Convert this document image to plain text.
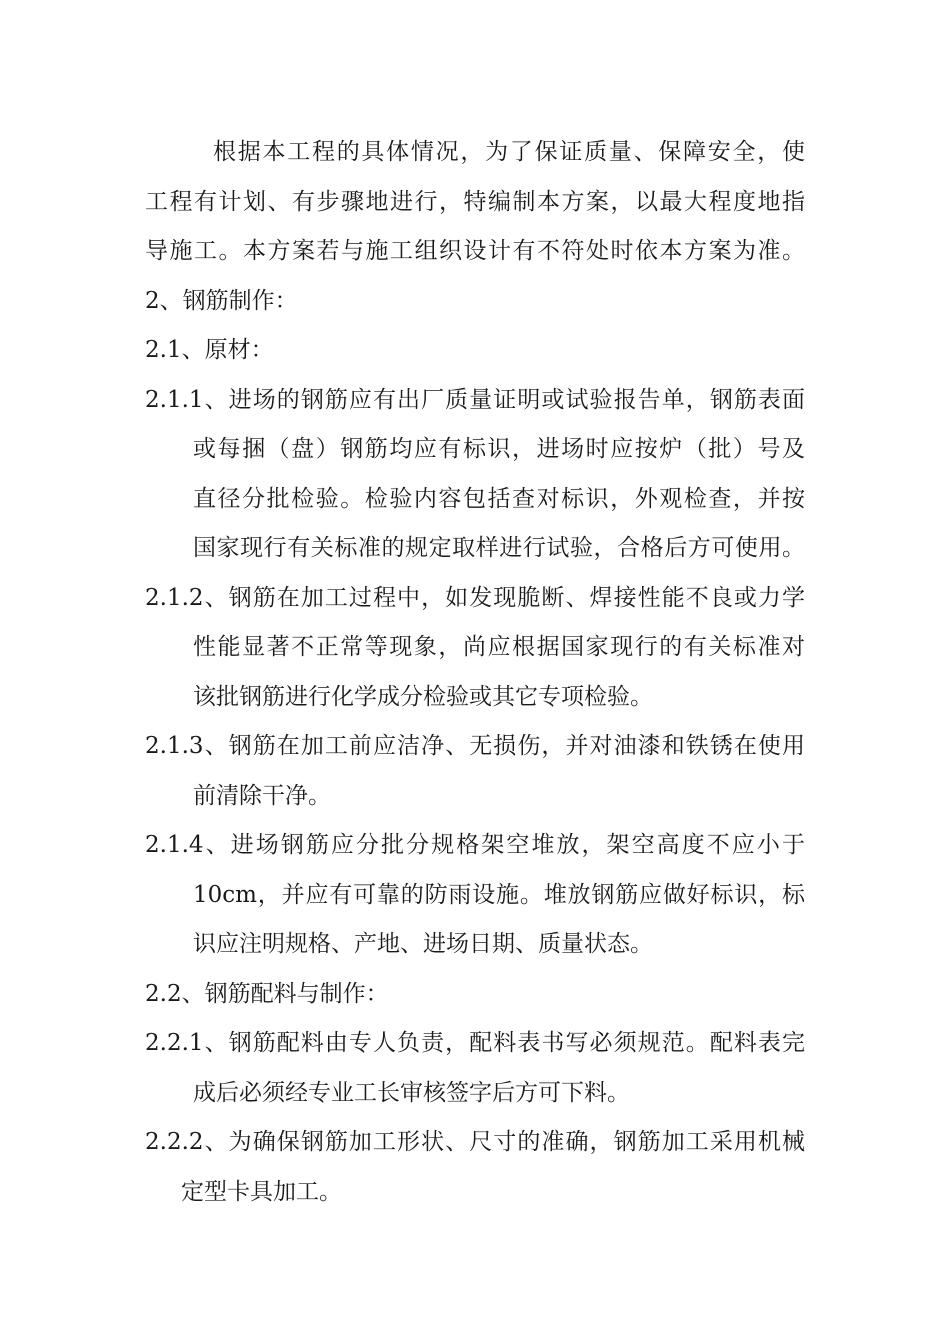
根据本工程的具体情况，为了保证质量、保障安全，使
工程有计划、有步骤地进行，特编制本方案，以最大程度地指
导施工。本方案若与施工组织设计有不符处时依本方案为准。
2、钢筋制作：
2.1、原材：
2.1.1、进场的钢筋应有出厂质量证明或试验报告单，钢筋表面
或每捆（盘）钢筋均应有标识，进场时应按炉（批）号及
直径分批检验。检验内容包括查对标识，外观检查，并按
国家现行有关标准的规定取样进行试验，合格后方可使用。
2.1.2、钢筋在加工过程中，如发现脆断、焊接性能不良或力学
性能显著不正常等现象，尚应根据国家现行的有关标准对
该批钢筋进行化学成分检验或其它专项检验。
2.1.3、钢筋在加工前应洁净、无损伤，并对油漆和铁锈在使用
前清除干净。
2.1.4、进场钢筋应分批分规格架空堆放，架空高度不应小于
10cm，并应有可靠的防雨设施。堆放钢筋应做好标识，标
识应注明规格、产地、进场日期、质量状态。
2.2、钢筋配料与制作：
2.2.1、钢筋配料由专人负责，配料表书写必须规范。配料表完
成后必须经专业工长审核签字后方可下料。
2.2.2、为确保钢筋加工形状、尺寸的准确，钢筋加工采用机械
定型卡具加工。
